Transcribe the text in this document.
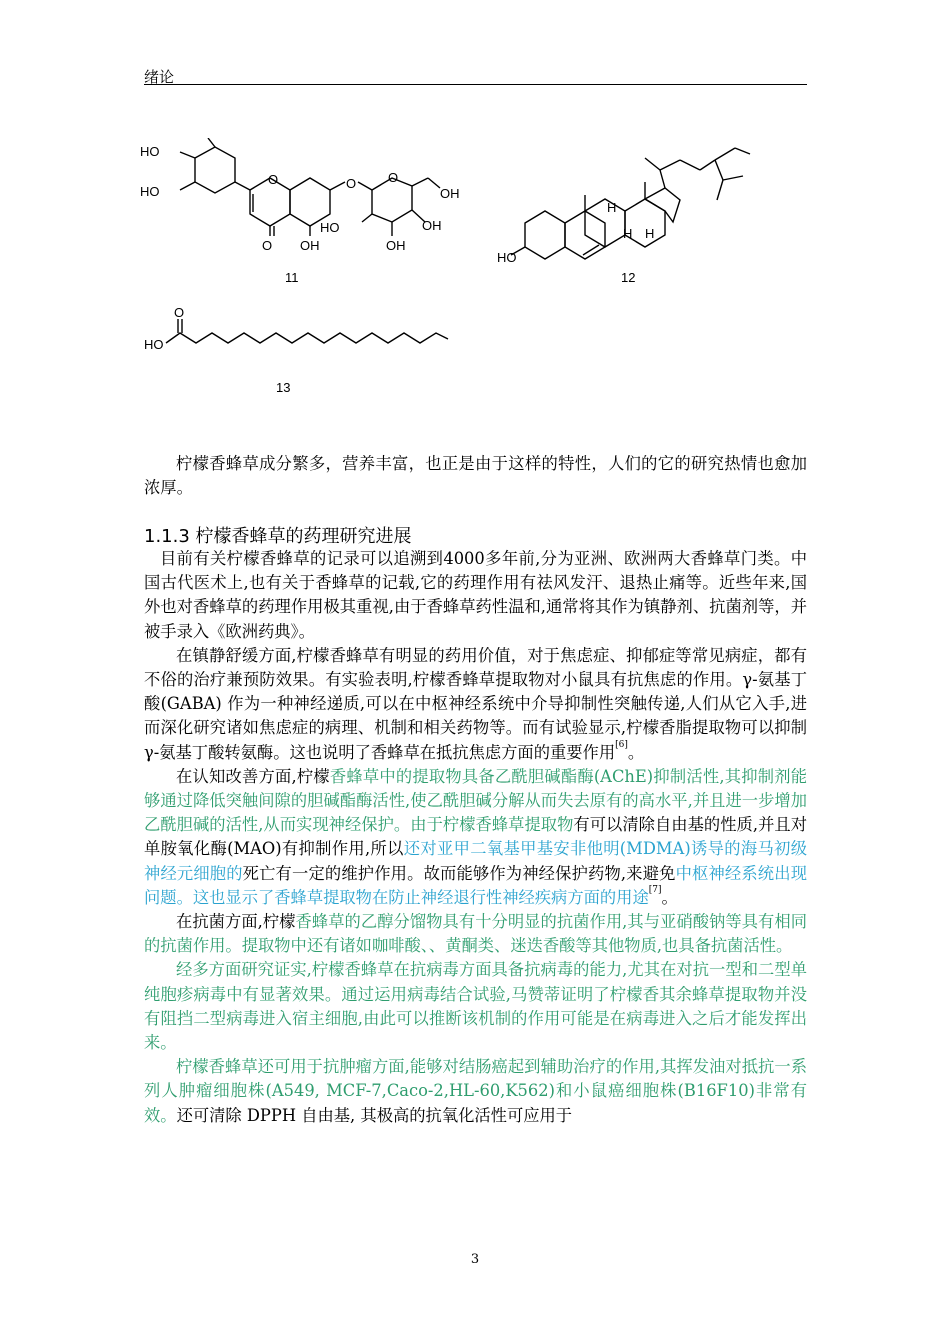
绪论
HO
HO
O
O	O O
OH
HO
OH	OH
OH
11
HO
H
H H
12
O
HO
13

柠檬香蜂草成分繁多，营养丰富，也正是由于这样的特性，人们的它的研究热情也愈加浓厚。

1.1.3 柠檬香蜂草的药理研究进展

目前有关柠檬香蜂草的记录可以追溯到4000多年前,分为亚洲、欧洲两大香蜂草门类。中国古代医术上,也有关于香蜂草的记载,它的药理作用有祛风发汗、退热止痛等。近些年来,国外也对香蜂草的药理作用极其重视,由于香蜂草药性温和,通常将其作为镇静剂、抗菌剂等，并被手录入《欧洲药典》。

在镇静舒缓方面,柠檬香蜂草有明显的药用价值，对于焦虑症、抑郁症等常见病症，都有不俗的治疗兼预防效果。有实验表明,柠檬香蜂草提取物对小鼠具有抗焦虑的作用。γ-氨基丁酸(GABA) 作为一种神经递质,可以在中枢神经系统中介导抑制性突触传递,人们从它入手,进而深化研究诸如焦虑症的病理、机制和相关药物等。而有试验显示,柠檬香脂提取物可以抑制 γ-氨基丁酸转氨酶。这也说明了香蜂草在抵抗焦虑方面的重要作用[6]。

在认知改善方面,柠檬香蜂草中的提取物具备乙酰胆碱酯酶(AChE)抑制活性,其抑制剂能够通过降低突触间隙的胆碱酯酶活性,使乙酰胆碱分解从而失去原有的高水平,并且进一步增加乙酰胆碱的活性,从而实现神经保护。由于柠檬香蜂草提取物有可以清除自由基的性质,并且对单胺氧化酶(MAO)有抑制作用,所以还对亚甲二氧基甲基安非他明(MDMA)诱导的海马初级神经元细胞的死亡有一定的维护作用。故而能够作为神经保护药物,来避免中枢神经系统出现问题。这也显示了香蜂草提取物在防止神经退行性神经疾病方面的用途[7]。

在抗菌方面,柠檬香蜂草的乙醇分馏物具有十分明显的抗菌作用,其与亚硝酸钠等具有相同的抗菌作用。提取物中还有诸如咖啡酸、、黄酮类、迷迭香酸等其他物质,也具备抗菌活性。

经多方面研究证实,柠檬香蜂草在抗病毒方面具备抗病毒的能力,尤其在对抗一型和二型单纯胞疹病毒中有显著效果。通过运用病毒结合试验,马赞蒂证明了柠檬香其余蜂草提取物并没有阻挡二型病毒进入宿主细胞,由此可以推断该机制的作用可能是在病毒进入之后才能发挥出来。

柠檬香蜂草还可用于抗肿瘤方面,能够对结肠癌起到辅助治疗的作用,其挥发油对抵抗一系列人肿瘤细胞株(A549, MCF-7,Caco-2,HL-60,K562)和小鼠癌细胞株(B16F10)非常有效。还可清除 DPPH 自由基, 其极高的抗氧化活性可应用于

3
